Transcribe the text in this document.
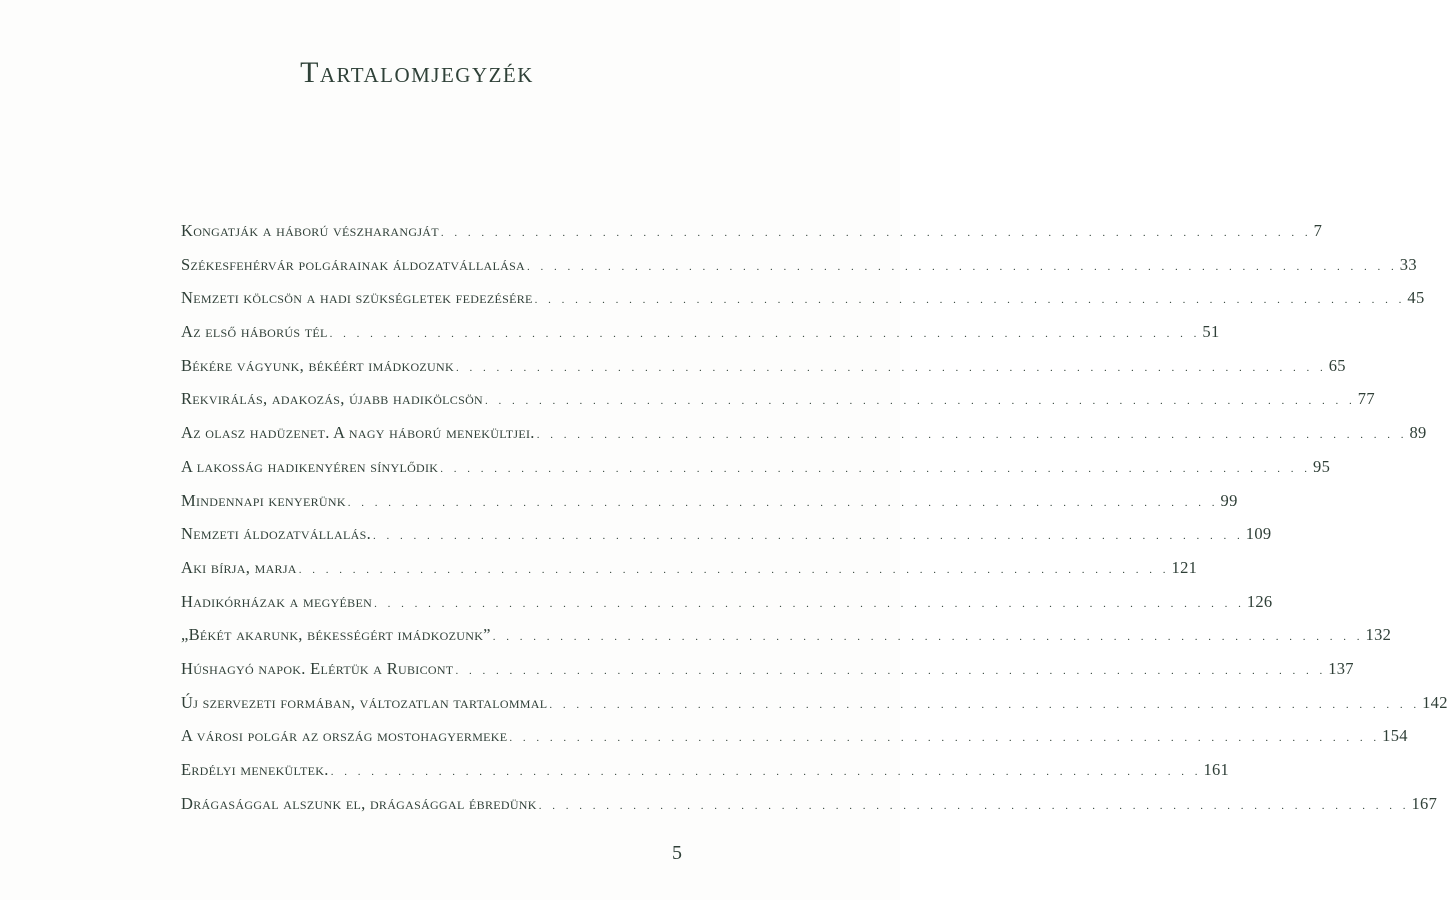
Tartalomjegyzék
Kongatják a háború vészharangját . . .	7
Székesfehérvár polgárainak áldozatvállalása . . .	33
Nemzeti kölcsön a hadi szükségletek fedezésére . . .	45
Az első háborús tél . . .	51
Békére vágyunk, békéért imádkozunk . . .	65
Rekvirálás, adakozás, újabb hadikölcsön . . .	77
Az olasz hadüzenet. A nagy háború menekültjei. . . .	89
A lakosság hadikenyéren sínylődik . . .	95
Mindennapi kenyerünk . . .	99
Nemzeti áldozatvállalás. . . .	109
Aki bírja, marja . . .	121
Hadikórházak a megyében . . .	126
„Békét akarunk, békességért imádkozunk” . . .	132
Húshagyó napok. Elértük a Rubicont . . .	137
Új szervezeti formában, változatlan tartalommal . . .	142
A városi polgár az ország mostohagyermeke . . .	154
Erdélyi menekültek. . . .	161
Drágasággal alszunk el, drágasággal ébredünk . . .	167
5
